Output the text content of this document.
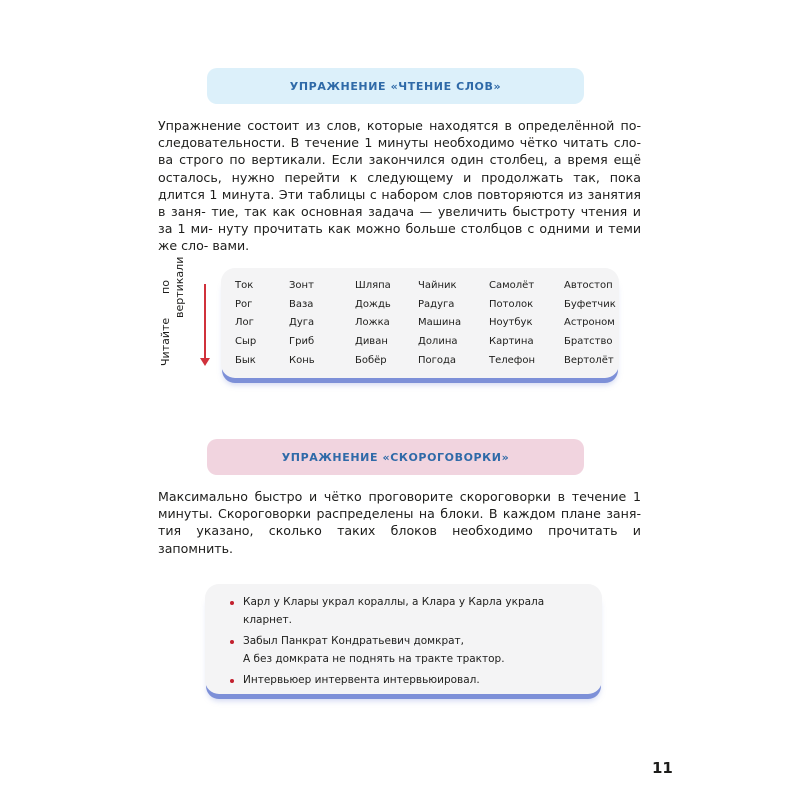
УПРАЖНЕНИЕ «ЧТЕНИЕ СЛОВ»

Упражнение состоит из слов, которые находятся в определённой по- следовательности. В течение 1 минуты необходимо чётко читать сло- ва строго по вертикали. Если закончился один столбец, а время ещё осталось, нужно перейти к следующему и продолжать так, пока длится 1 минута. Эти таблицы с набором слов повторяются из занятия в заня- тие, так как основная задача — увеличить быстроту чтения и за 1 ми- нуту прочитать как можно больше столбцов с одними и теми же сло- вами.

Читайте
по вертикали	Ток
Рог
Лог
Сыр
Бык
Зонт
Ваза
Дуга
Гриб
Конь
Шляпа
Дождь
Ложка
Диван
Бобёр
Чайник
Радуга
Машина
Долина
Погода
Самолёт
Потолок
Ноутбук
Картина
Телефон
Автостоп
Буфетчик
Астроном
Братство
Вертолёт
УПРАЖНЕНИЕ «СКОРОГОВОРКИ»

Максимально быстро и чётко проговорите скороговорки в течение 1 минуты. Скороговорки распределены на блоки. В каждом плане заня- тия указано, сколько таких блоков необходимо прочитать и запомнить.

Карл у Клары украл кораллы, а Клара у Карла украла
кларнет.
Забыл Панкрат Кондратьевич домкрат,
А без домкрата не поднять на тракте трактор.
Интервьюер интервента интервьюировал.
11
